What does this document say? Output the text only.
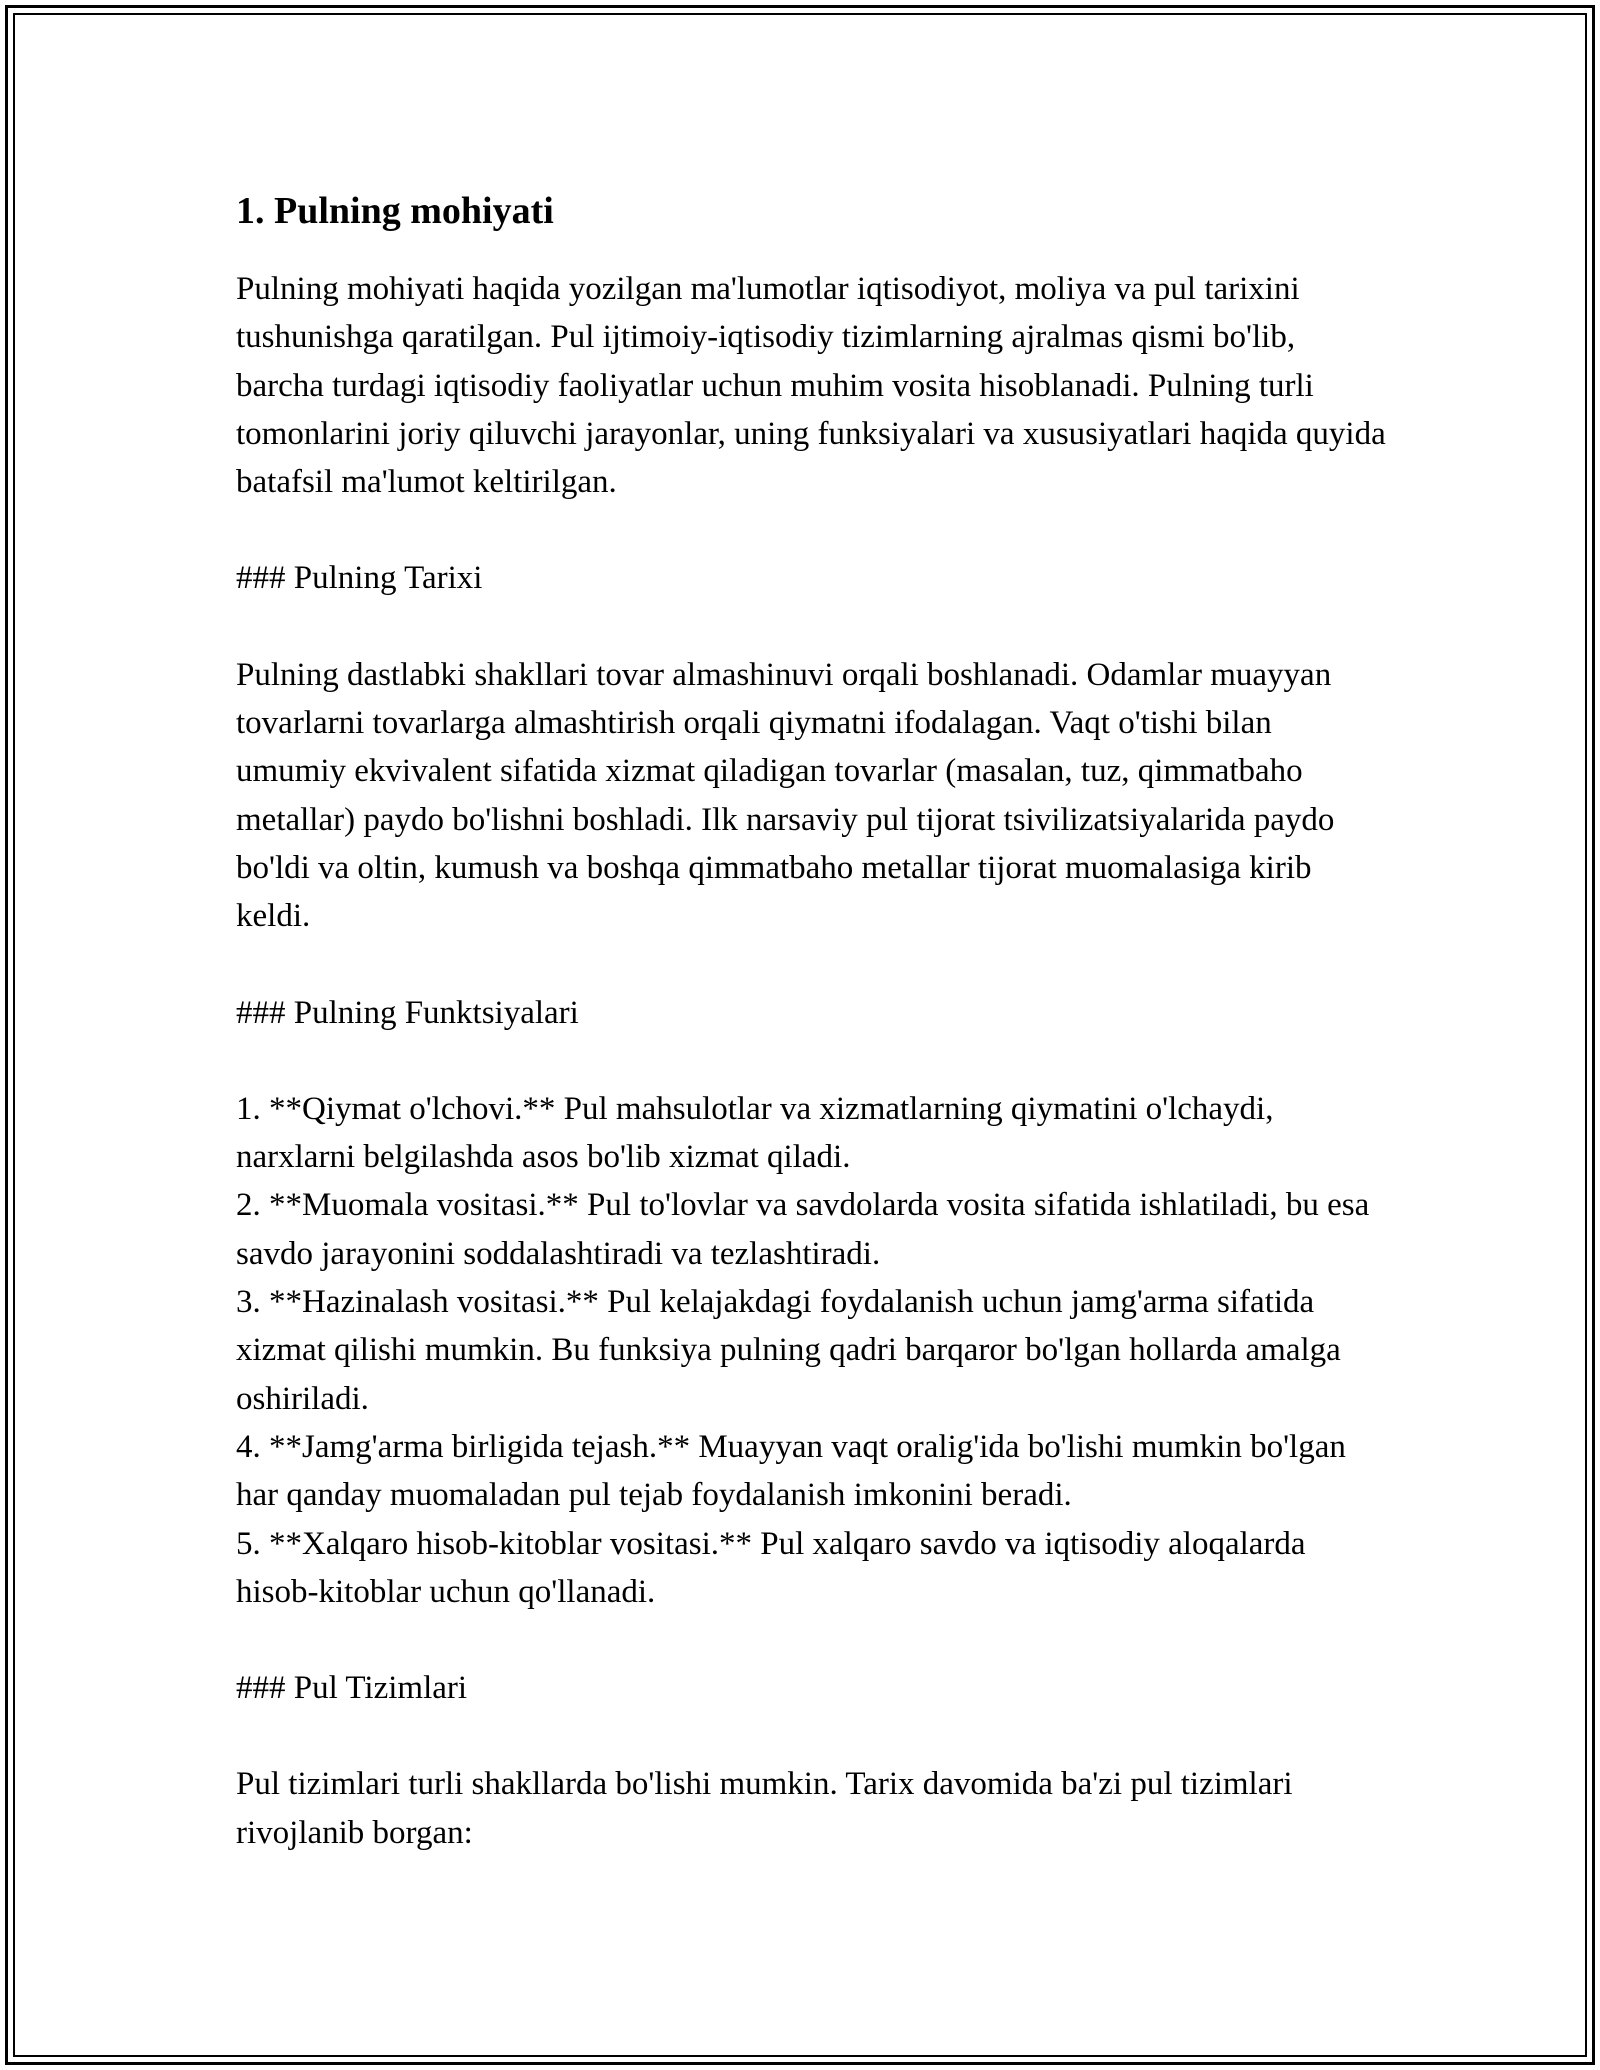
1. Pulning mohiyati

Pulning mohiyati haqida yozilgan ma'lumotlar iqtisodiyot, moliya va pul tarixini tushunishga qaratilgan. Pul ijtimoiy-iqtisodiy tizimlarning ajralmas qismi bo'lib, barcha turdagi iqtisodiy faoliyatlar uchun muhim vosita hisoblanadi. Pulning turli tomonlarini joriy qiluvchi jarayonlar, uning funksiyalari va xususiyatlari haqida quyida batafsil ma'lumot keltirilgan.

### Pulning Tarixi

Pulning dastlabki shakllari tovar almashinuvi orqali boshlanadi. Odamlar muayyan tovarlarni tovarlarga almashtirish orqali qiymatni ifodalagan. Vaqt o'tishi bilan umumiy ekvivalent sifatida xizmat qiladigan tovarlar (masalan, tuz, qimmatbaho metallar) paydo bo'lishni boshladi. Ilk narsaviy pul tijorat tsivilizatsiyalarida paydo bo'ldi va oltin, kumush va boshqa qimmatbaho metallar tijorat muomalasiga kirib keldi.

### Pulning Funktsiyalari

1. **Qiymat o'lchovi.** Pul mahsulotlar va xizmatlarning qiymatini o'lchaydi, narxlarni belgilashda asos bo'lib xizmat qiladi.
2. **Muomala vositasi.** Pul to'lovlar va savdolarda vosita sifatida ishlatiladi, bu esa savdo jarayonini soddalashtiradi va tezlashtiradi.
3. **Hazinalash vositasi.** Pul kelajakdagi foydalanish uchun jamg'arma sifatida xizmat qilishi mumkin. Bu funksiya pulning qadri barqaror bo'lgan hollarda amalga oshiriladi.
4. **Jamg'arma birligida tejash.** Muayyan vaqt oralig'ida bo'lishi mumkin bo'lgan har qanday muomaladan pul tejab foydalanish imkonini beradi.
5. **Xalqaro hisob-kitoblar vositasi.** Pul xalqaro savdo va iqtisodiy aloqalarda hisob-kitoblar uchun qo'llanadi.

### Pul Tizimlari

Pul tizimlari turli shakllarda bo'lishi mumkin. Tarix davomida ba'zi pul tizimlari rivojlanib borgan:
